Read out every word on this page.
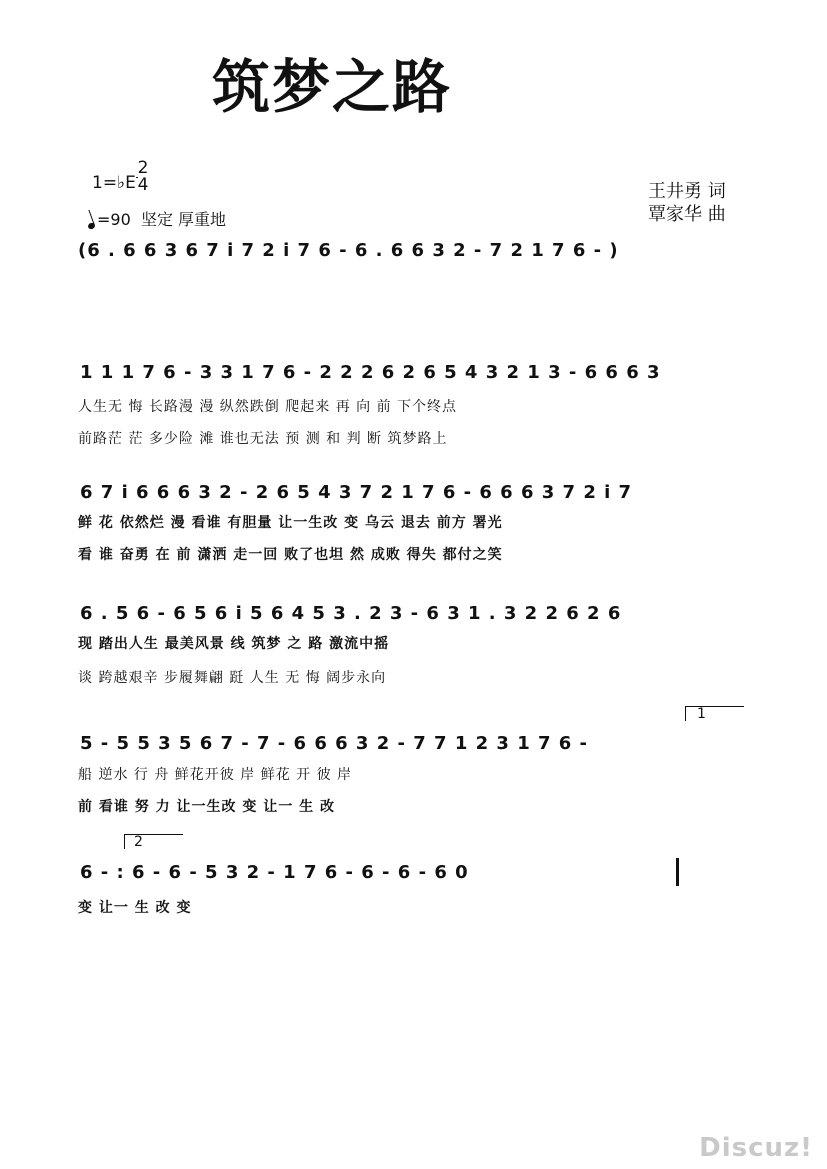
筑梦之路
1=♭E
2
4
=90 坚定 厚重地
王井勇 词
覃家华 曲
(6 . 6 6 3 6 7 i 7 2 i 7 6 - 6 . 6 6 3 2 - 7 2 1 7 6 - )
1 1 1 7 6 - 3 3 1 7 6 - 2 2 2 6 2 6 5 4 3 2 1 3 - 6 6 6 3
人生无 悔 长路漫 漫 纵然跌倒 爬起来 再 向 前 下个终点
前路茫 茫 多少险 滩 谁也无法 预 测 和 判 断 筑梦路上
6 7 i 6 6 6 3 2 - 2 6 5 4 3 7 2 1 7 6 - 6 6 6 3 7 2 i 7
鲜 花 依然烂 漫 看谁 有胆量 让一生改 变 乌云 退去 前方 署光
看 谁 奋勇 在 前 潇洒 走一回 败了也坦 然 成败 得失 都付之笑
6 . 5 6 - 6 5 6 i 5 6 4 5 3 . 2 3 - 6 3 1 . 3 2 2 6 2 6
现 踏出人生 最美风景 线 筑梦 之 路 激流中摇
谈 跨越艰辛 步履舞翩 跹 人生 无 悔 阔步永向
1
5 - 5 5 3 5 6 7 - 7 - 6 6 6 3 2 - 7 7 1 2 3 1 7 6 -
船 逆水 行 舟 鲜花开彼 岸 鲜花 开 彼 岸
前 看谁 努 力 让一生改 变 让一 生 改
2
6 - : 6 - 6 - 5 3 2 - 1 7 6 - 6 - 6 - 6 0
变 让一 生 改 变
Discuz!
